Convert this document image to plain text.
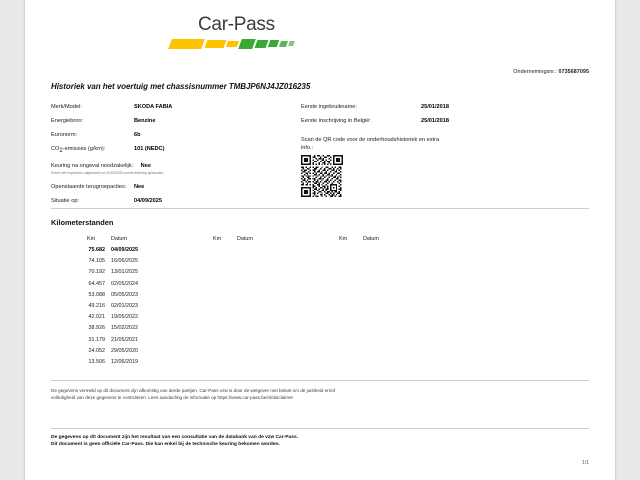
Car-Pass
Ondernemingsnr.: 0735687095
Historiek van het voertuig met chassisnummer TMBJP6NJ4JZ016235
Merk/Model:	SKODA FABIA
Energiebron:	Benzine
Euronorm:	6b
CO2-emissies (g/km):	101 (NEDC)
Keuring na ongeval noodzakelijk: Nee
Enkel met expertises uitgevoerd na 01/03/2019 wordt rekening gehouden.
Openstaande terugroepacties:	Nee
Situatie op:	04/09/2025
Eerste ingebruikname:	25/01/2018
Eerste inschrijving in België:	25/01/2018
Scan de QR code voor de onderhoudshistoriek en extra info.:
Kilometerstanden
Km	Datum	Km	Datum	Km	Datum
75.682 04/09/2025
74.105 16/06/2025
70.192 13/01/2025
64.457 02/05/2024
53.088 05/05/2023
49.216 02/01/2023
42.021 19/05/2022
38.926 15/02/2022
31.179 21/05/2021
24.052 29/05/2020
13.506 12/06/2019
De gegevens vermeld op dit document zijn afkomstig van derde partijen. Car-Pass vzw is door de wetgever niet belast om de juistheid en/of volledigheid van deze gegevens te controleren. Lees aandachtig de informatie op https://www.car-pass.be/nl/disclaimer
De gegevens op dit document zijn het resultaat van een consultatie van de databank van de vzw Car-Pass.
Dit document is geen officiële Car-Pass. Die kan enkel bij de technische keuring bekomen worden.
1/1
